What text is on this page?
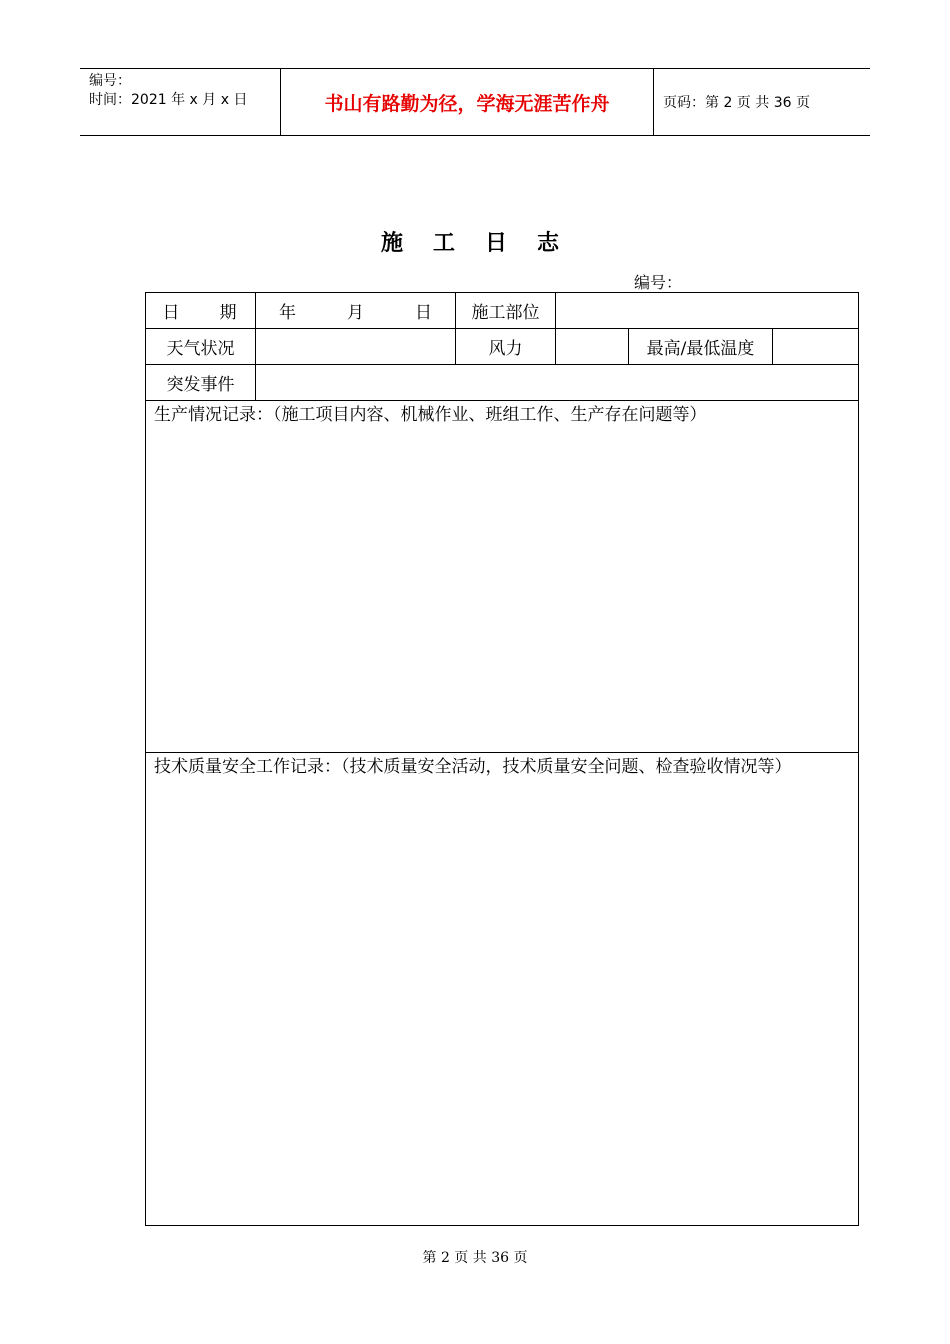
编号：
时间：2021 年 x 月 x 日	书山有路勤为径，学海无涯苦作舟	页码：第 2 页 共 36 页
施工日志
编号：
日　　期	年　　　月　　　日	施工部位			
天气状况		风力		最高/最低温度	
突发事件					
生产情况记录：（施工项目内容、机械作业、班组工作、生产存在问题等）					
技术质量安全工作记录：（技术质量安全活动，技术质量安全问题、检查验收情况等）					
第 2 页 共 36 页
